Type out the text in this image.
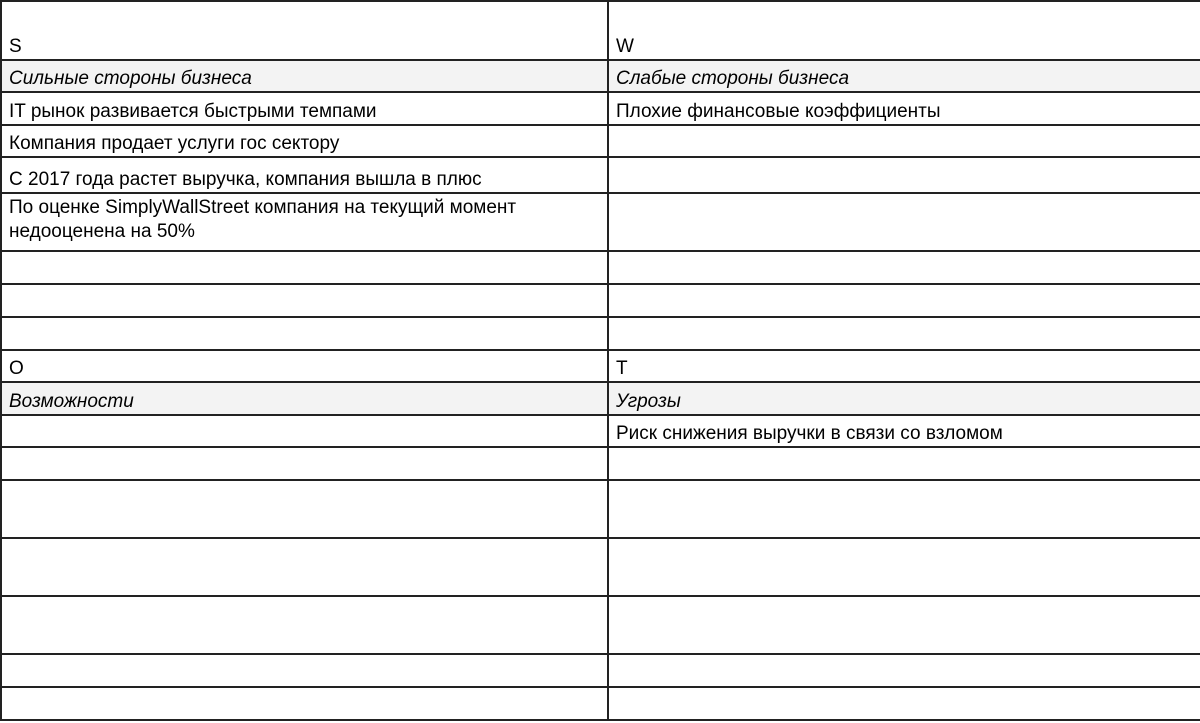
S	W
Сильные стороны бизнеса	Слабые стороны бизнеса
IT рынок развивается быстрыми темпами	Плохие финансовые коэффициенты
Компания продает услуги гос сектору	
С 2017 года растет выручка, компания вышла в плюс	
По оценке SimplyWallStreet компания на текущий момент недооценена на 50%	

O	T
Возможности	Угрозы
	Риск снижения выручки в связи со взломом
